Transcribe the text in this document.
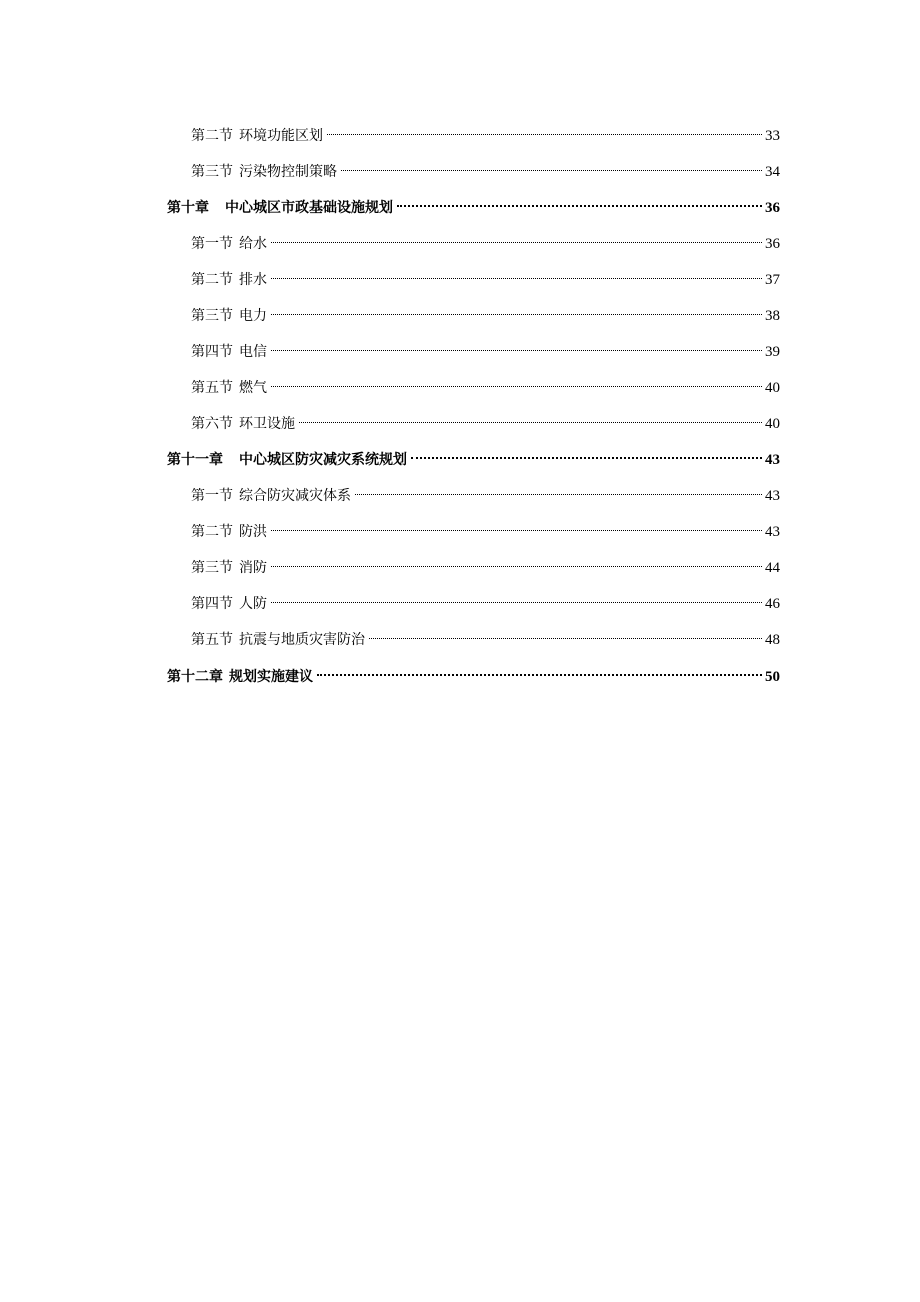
第二节 环境功能区划	33
第三节 污染物控制策略	34
第十章 中心城区市政基础设施规划	36
第一节 给水	36
第二节 排水	37
第三节 电力	38
第四节 电信	39
第五节 燃气	40
第六节 环卫设施	40
第十一章 中心城区防灾减灾系统规划	43
第一节 综合防灾减灾体系	43
第二节 防洪	43
第三节 消防	44
第四节 人防	46
第五节 抗震与地质灾害防治	48
第十二章 规划实施建议	50
